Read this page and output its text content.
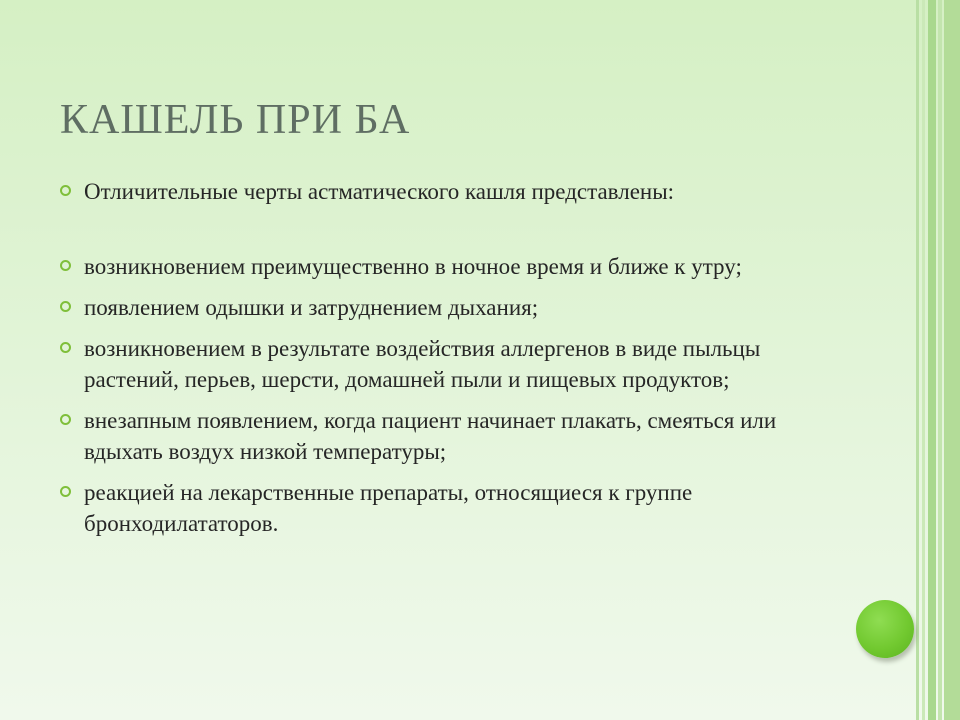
КАШЕЛЬ ПРИ БА
Отличительные черты астматического кашля представлены:
возникновением преимущественно в ночное время и ближе к утру;
появлением одышки и затруднением дыхания;
возникновением в результате воздействия аллергенов в виде пыльцы растений, перьев, шерсти, домашней пыли и пищевых продуктов;
внезапным появлением, когда пациент начинает плакать, смеяться или вдыхать воздух низкой температуры;
реакцией на лекарственные препараты, относящиеся к группе бронходилататоров.
